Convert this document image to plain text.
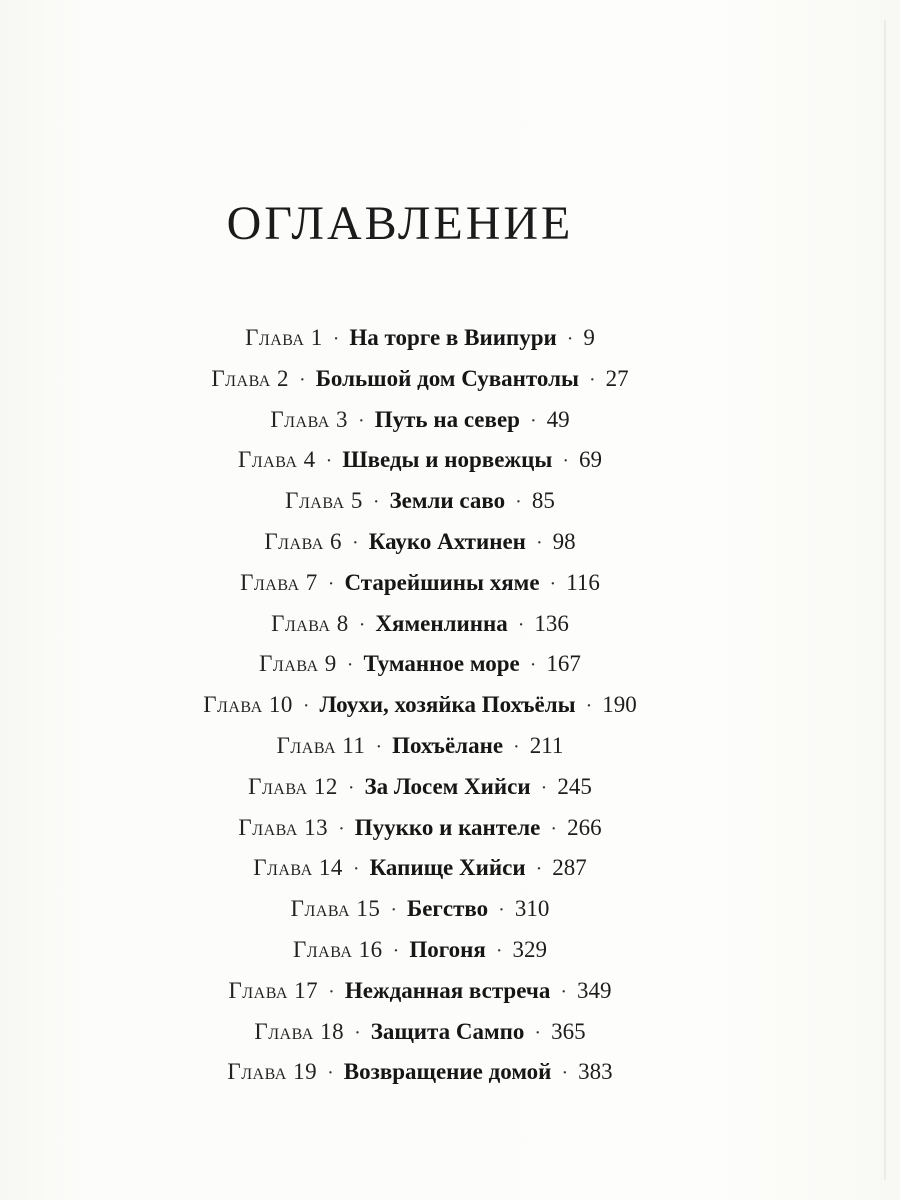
ОГЛАВЛЕНИЕ
Глава 1 · На торге в Виипури · 9
Глава 2 · Большой дом Сувантолы · 27
Глава 3 · Путь на север · 49
Глава 4 · Шведы и норвежцы · 69
Глава 5 · Земли саво · 85
Глава 6 · Кауко Ахтинен · 98
Глава 7 · Старейшины хяме · 116
Глава 8 · Хяменлинна · 136
Глава 9 · Туманное море · 167
Глава 10 · Лоухи, хозяйка Похъёлы · 190
Глава 11 · Похъёлане · 211
Глава 12 · За Лосем Хийси · 245
Глава 13 · Пуукко и кантеле · 266
Глава 14 · Капище Хийси · 287
Глава 15 · Бегство · 310
Глава 16 · Погоня · 329
Глава 17 · Нежданная встреча · 349
Глава 18 · Защита Сампо · 365
Глава 19 · Возвращение домой · 383
